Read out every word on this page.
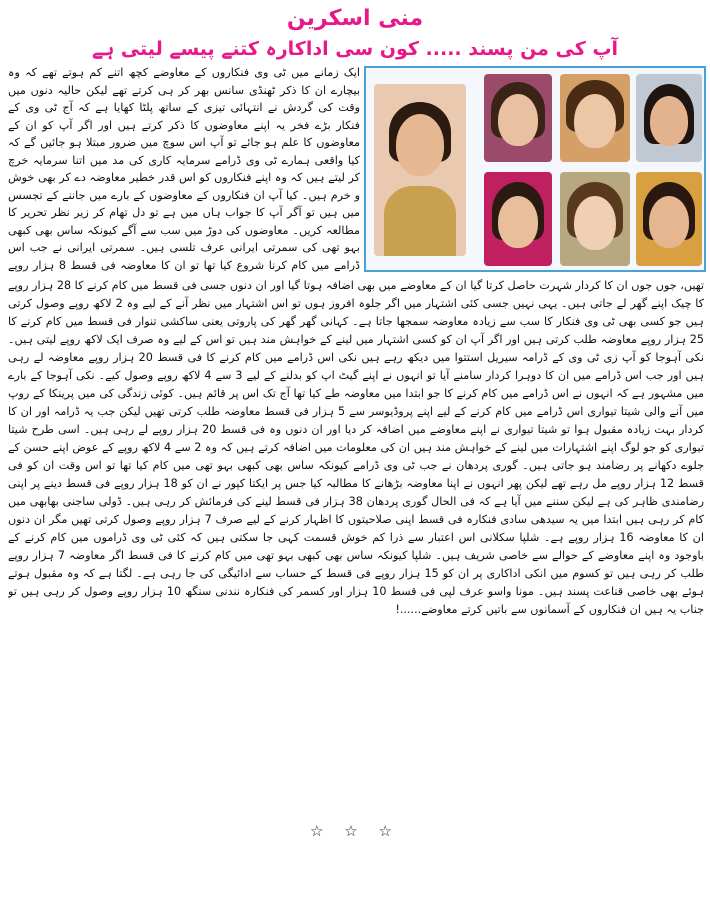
منی اسکرین
آپ کی من پسند ..... کون سی اداکارہ کتنے پیسے لیتی ہے
ایک زمانے میں ٹی وی فنکاروں کے معاوضے کچھ اتنے کم ہوتے تھے کہ وہ بیچارے ان کا ذکر ٹھنڈی سانس بھر کر ہی کرتے تھے لیکن حالیہ دنوں میں وقت کی گردش نے انتہائی تیزی کے ساتھ پلٹا کھایا ہے کہ آج ٹی وی کے فنکار بڑے فخر یہ اپنے معاوضوں کا ذکر کرتے ہیں اور اگر آپ کو ان کے معاوضوں کا علم ہو جائے تو آپ اس سوچ میں ضرور مبتلا ہو جائیں گے کہ کیا واقعی ہمارے ٹی وی ڈرامے سرمایہ کاری کی مد میں اتنا سرمایہ خرچ کر لیتے ہیں کہ وہ اپنے فنکاروں کو اس قدر خطیر معاوضہ دے کر بھی خوش و خرم ہیں۔ کیا آپ ان فنکاروں کے معاوضوں کے بارے میں جاننے کے تجسس میں ہیں تو آگر آپ کا جواب ہاں میں ہے تو دل تھام کر زیر نظر تحریر کا مطالعہ کریں۔ معاوضوں کی دوڑ میں سب سے آگے کیونکہ ساس بھی کبھی بہو تھی کی سمرتی ایرانی عرف تلسی ہیں۔ سمرتی ایرانی نے جب اس ڈرامے میں کام کرنا شروع کیا تھا تو ان کا معاوضہ فی قسط 8 ہزار روپے
تھیں، جوں جوں ان کا کردار شہرت حاصل کرتا گیا ان کے معاوضے میں بھی اضافہ ہوتا گیا اور ان دنوں جسی فی قسط میں کام کرنے کا 28 ہزار روپے کا چیک اپنے گھر لے جاتی ہیں۔ یہی نہیں جسی کئی اشتہار میں اگر جلوہ افروز ہوں تو اس اشتہار میں نظر آنے کے لیے وہ 2 لاکھ روپے وصول کرتی ہیں جو کسی بھی ٹی وی فنکار کا سب سے زیادہ معاوضہ سمجھا جاتا ہے۔ کہانی گھر گھر کی پاروتی یعنی ساکشی تنوار فی قسط میں کام کرنے کا 25 ہزار روپے معاوضہ طلب کرتی ہیں اور اگر آپ ان کو کسی اشتہار میں لینے کے خواہش مند ہیں تو اس کے لیے وہ صرف ایک لاکھ روپے لیتی ہیں۔ نکی آہوجا کو آپ زی ٹی وی کے ڈرامہ سیریل استتوا میں دیکھ رہے ہیں نکی اس ڈرامے میں کام کرنے کا فی قسط 20 ہزار روپے معاوضہ لے رہی ہیں اور جب اس ڈرامے میں ان کا دوہرا کردار سامنے آیا تو انہوں نے اپنے گیٹ اپ کو بدلنے کے لیے 3 سے 4 لاکھ روپے وصول کیے۔ نکی آہوجا کے بارے میں مشہور ہے کہ انہوں نے اس ڈرامے میں کام کرنے کا جو ابتدا میں معاوضہ طے کیا تھا آج تک اس پر قائم ہیں۔ کوئی زندگی کی میں پرینکا کے روپ میں آنے والی شیتا تیواری اس ڈرامے میں کام کرنے کے لیے اپنے پروڈیوسر سے 5 ہزار فی قسط معاوضہ طلب کرتی تھیں لیکن جب یہ ڈرامہ اور ان کا کردار بہت زیادہ مقبول ہوا تو شیتا تیواری نے اپنے معاوضے میں اضافہ کر دیا اور ان دنوں وہ فی قسط 20 ہزار روپے لے رہی ہیں۔ اسی طرح شیتا تیواری کو جو لوگ اپنے اشتہارات میں لینے کے خواہش مند ہیں ان کی معلومات میں اضافہ کرتے ہیں کہ وہ 2 سے 4 لاکھ روپے کے عوض اپنے حسن کے جلوے دکھانے پر رضامند ہو جاتی ہیں۔ گوری پردھان نے جب ٹی وی ڈرامے کیونکہ ساس بھی کبھی بہو تھی میں کام کیا تھا تو اس وقت ان کو فی قسط 12 ہزار روپے مل رہے تھے لیکن پھر انہوں نے اپنا معاوضہ بڑھانے کا مطالبہ کیا جس پر ایکتا کپور نے ان کو 18 ہزار روپے فی قسط دینے پر اپنی رضامندی ظاہر کی ہے لیکن سننے میں آیا ہے کہ فی الحال گوری پردھان 38 ہزار فی قسط لینے کی فرمائش کر رہی ہیں۔ ڈولی ساجنی بھابھی میں کام کر رہی ہیں ابتدا میں یہ سیدھی سادی فنکارہ فی قسط اپنی صلاحیتوں کا اظہار کرنے کے لیے صرف 7 ہزار روپے وصول کرتی تھیں مگر ان دنوں ان کا معاوضہ 16 ہزار روپے ہے۔ شلپا سکلانی اس اعتبار سے ذرا کم خوش قسمت کہی جا سکتی ہیں کہ کئی ٹی وی ڈراموں میں کام کرنے کے باوجود وہ اپنے معاوضے کے حوالے سے خاصی شریف ہیں۔ شلپا کیونکہ ساس بھی کبھی بہو تھی میں کام کرنے کا فی قسط اگر معاوضہ 7 ہزار روپے طلب کر رہی ہیں تو کسوم میں انکی اداکاری پر ان کو 15 ہزار روپے فی قسط کے حساب سے ادائیگی کی جا رہی ہے۔ لگتا ہے کہ وہ مقبول ہوتے ہوئے بھی خاصی قناعت پسند ہیں۔ مونا واسو عرف لپی فی قسط 10 ہزار اور کسمر کی فنکارہ نندنی سنگھ 10 ہزار روپے وصول کر رہی ہیں تو جناب یہ ہیں ان فنکاروں کے آسمانوں سے باتیں کرتے معاوضے......!
☆ ☆ ☆
